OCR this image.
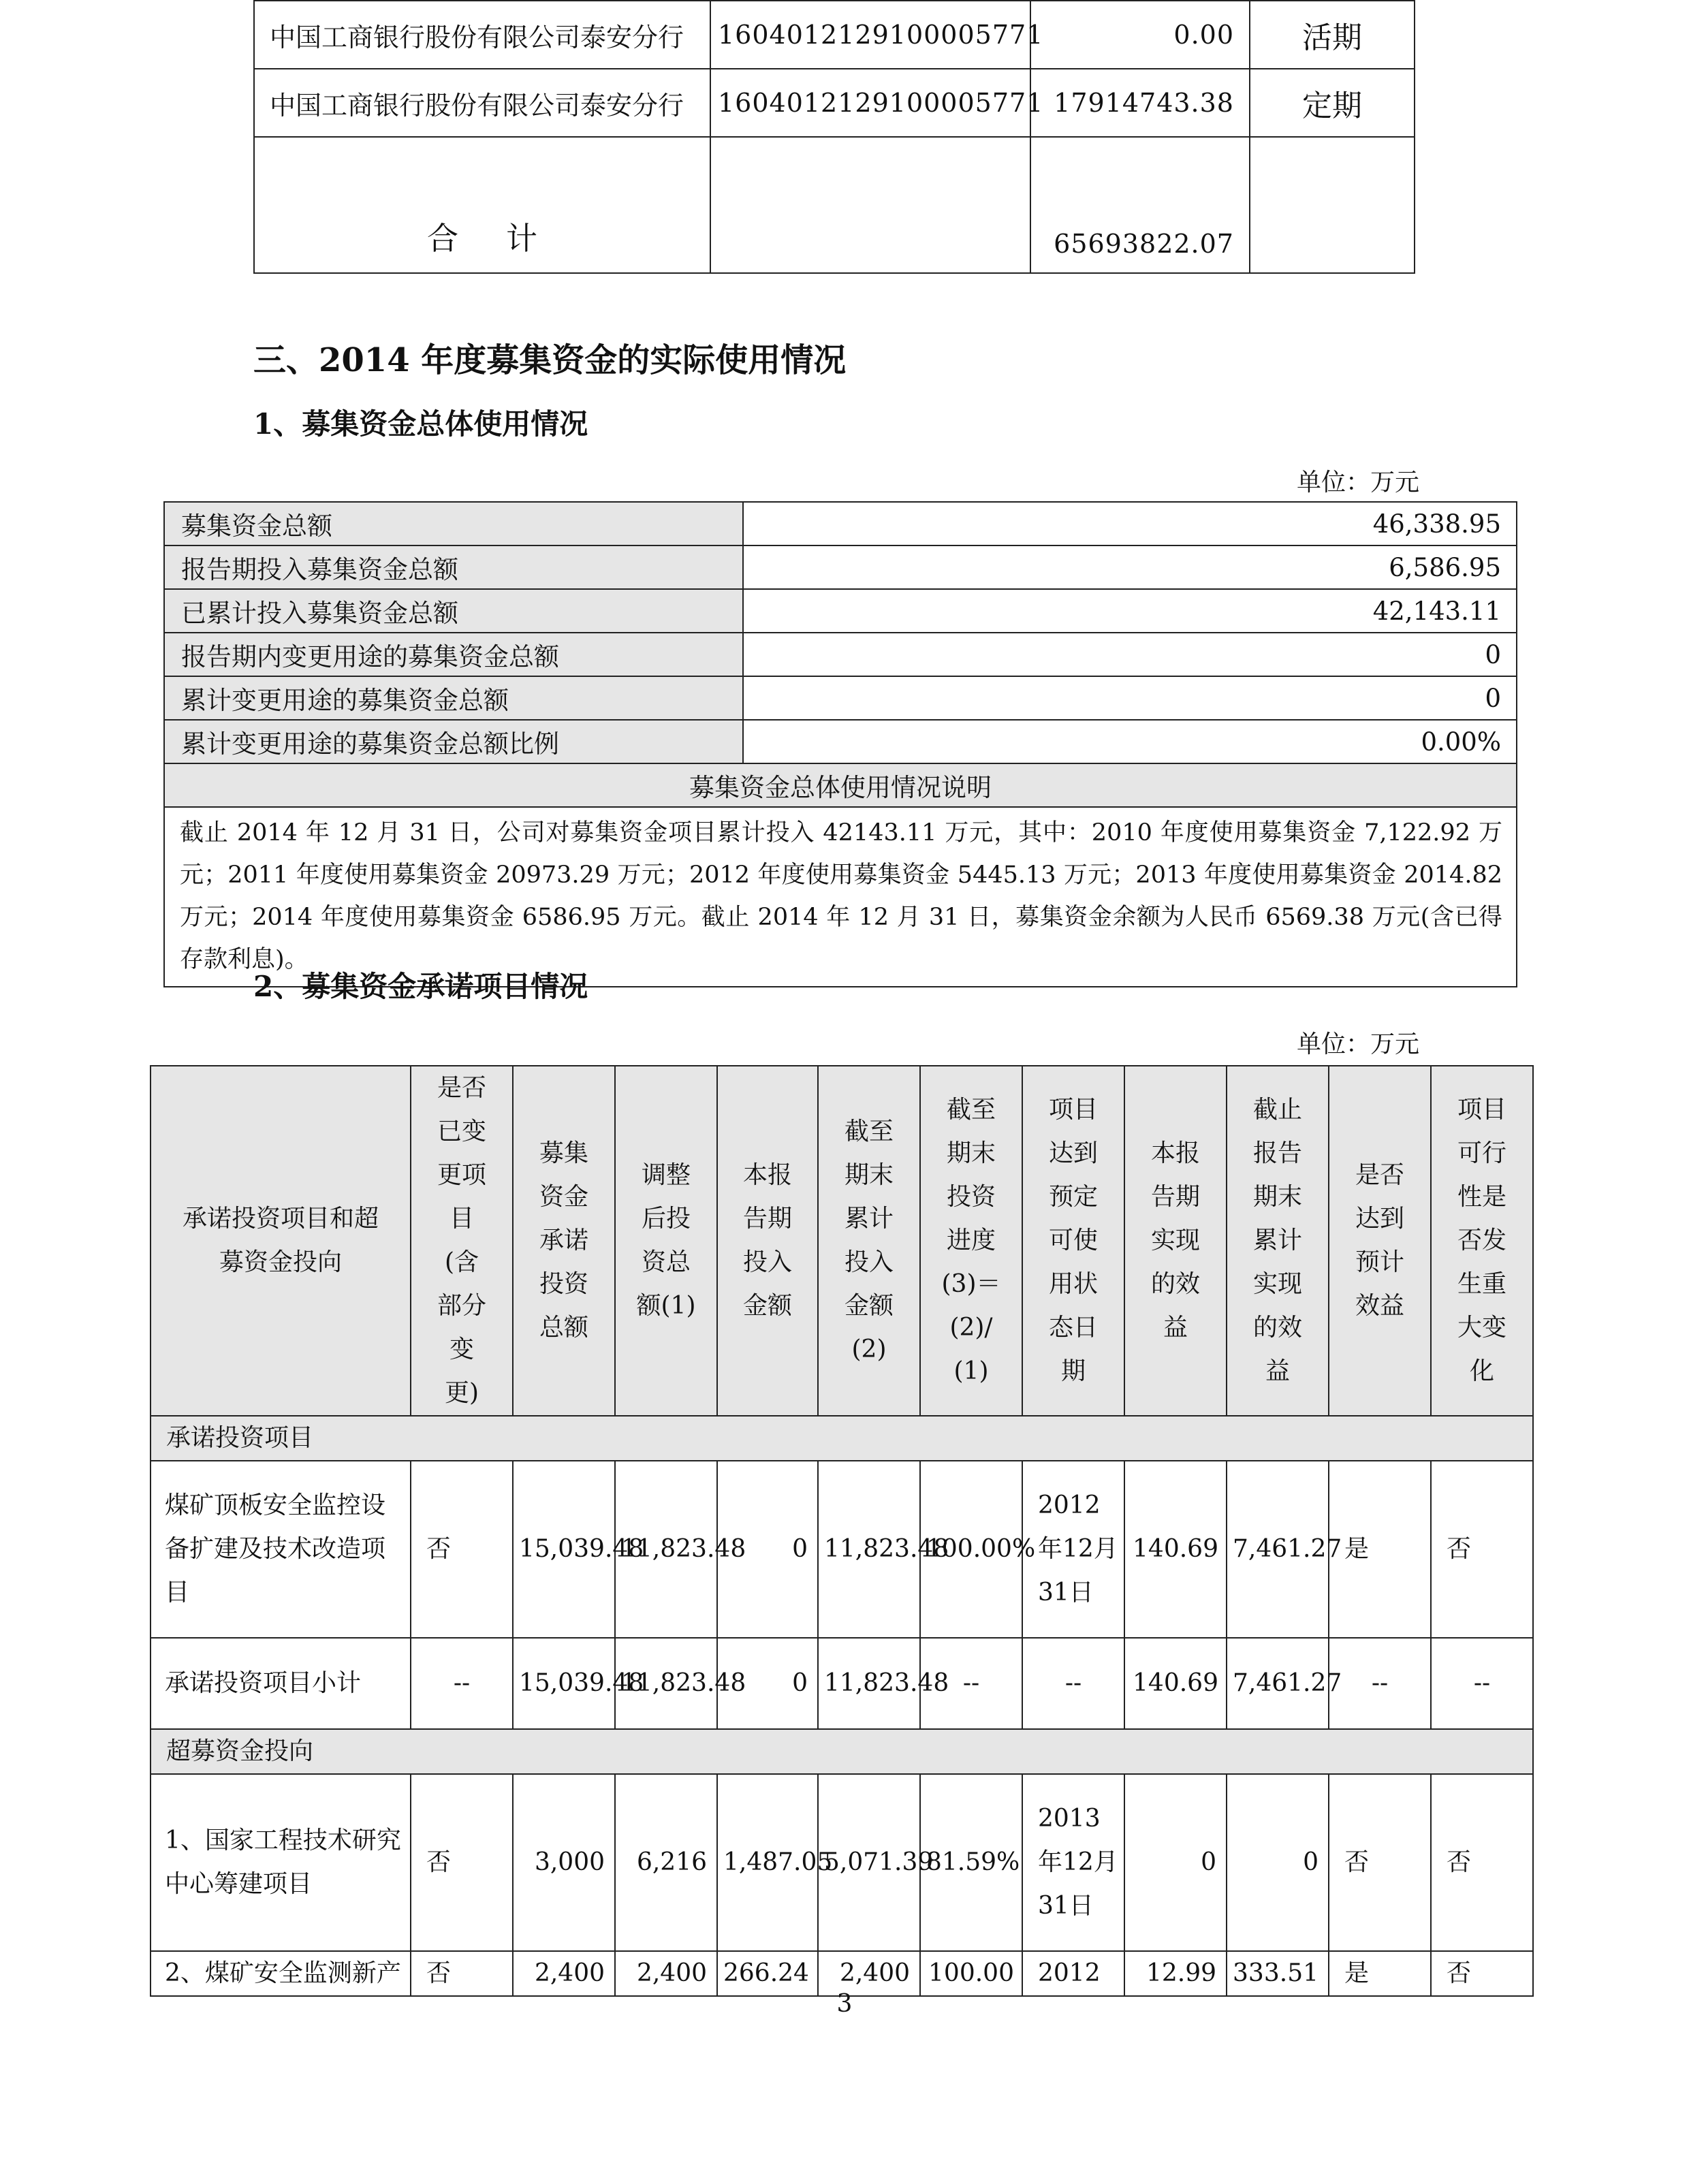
中国工商银行股份有限公司泰安分行	1604012129100005771	0.00	活期
中国工商银行股份有限公司泰安分行	1604012129100005771	17914743.38	定期
合计		65693822.07	
三、2014 年度募集资金的实际使用情况
1、募集资金总体使用情况
单位：万元
募集资金总额	46,338.95
报告期投入募集资金总额	6,586.95
已累计投入募集资金总额	42,143.11
报告期内变更用途的募集资金总额	0
累计变更用途的募集资金总额	0
累计变更用途的募集资金总额比例	0.00%
募集资金总体使用情况说明	
截止 2014 年 12 月 31 日，公司对募集资金项目累计投入 42143.11 万元，其中：2010 年度使用募集资金 7,122.92 万元；2011 年度使用募集资金 20973.29 万元；2012 年度使用募集资金 5445.13 万元；2013 年度使用募集资金 2014.82 万元；2014 年度使用募集资金 6586.95 万元。截止 2014 年 12 月 31 日，募集资金余额为人民币 6569.38 万元(含已得存款利息)。	
2、募集资金承诺项目情况
单位：万元
承诺投资项目和超募资金投向	是否已变更项目(含部分变更)	募集资金承诺投资总额	调整后投资总额(1)	本报告期投入金额	截至期末累计投入金额(2)	截至期末投资进度(3)＝(2)/(1)	项目达到预定可使用状态日期	本报告期实现的效益	截止报告期末累计实现的效益	是否达到预计效益	项目可行性是否发生重大变化
承诺投资项目											
煤矿顶板安全监控设备扩建及技术改造项目	否	15,039.48	11,823.48	0	11,823.48	100.00%	2012年12月31日	140.69	7,461.27	是	否
承诺投资项目小计	--	15,039.48	11,823.48	0	11,823.48	--	--	140.69	7,461.27	--	--
超募资金投向											
1、国家工程技术研究中心筹建项目	否	3,000	6,216	1,487.05	5,071.39	81.59%	2013年12月31日	0	0	否	否
2、煤矿安全监测新产	否	2,400	2,400	266.24	2,400	100.00	2012	12.99	333.51	是	否
3
